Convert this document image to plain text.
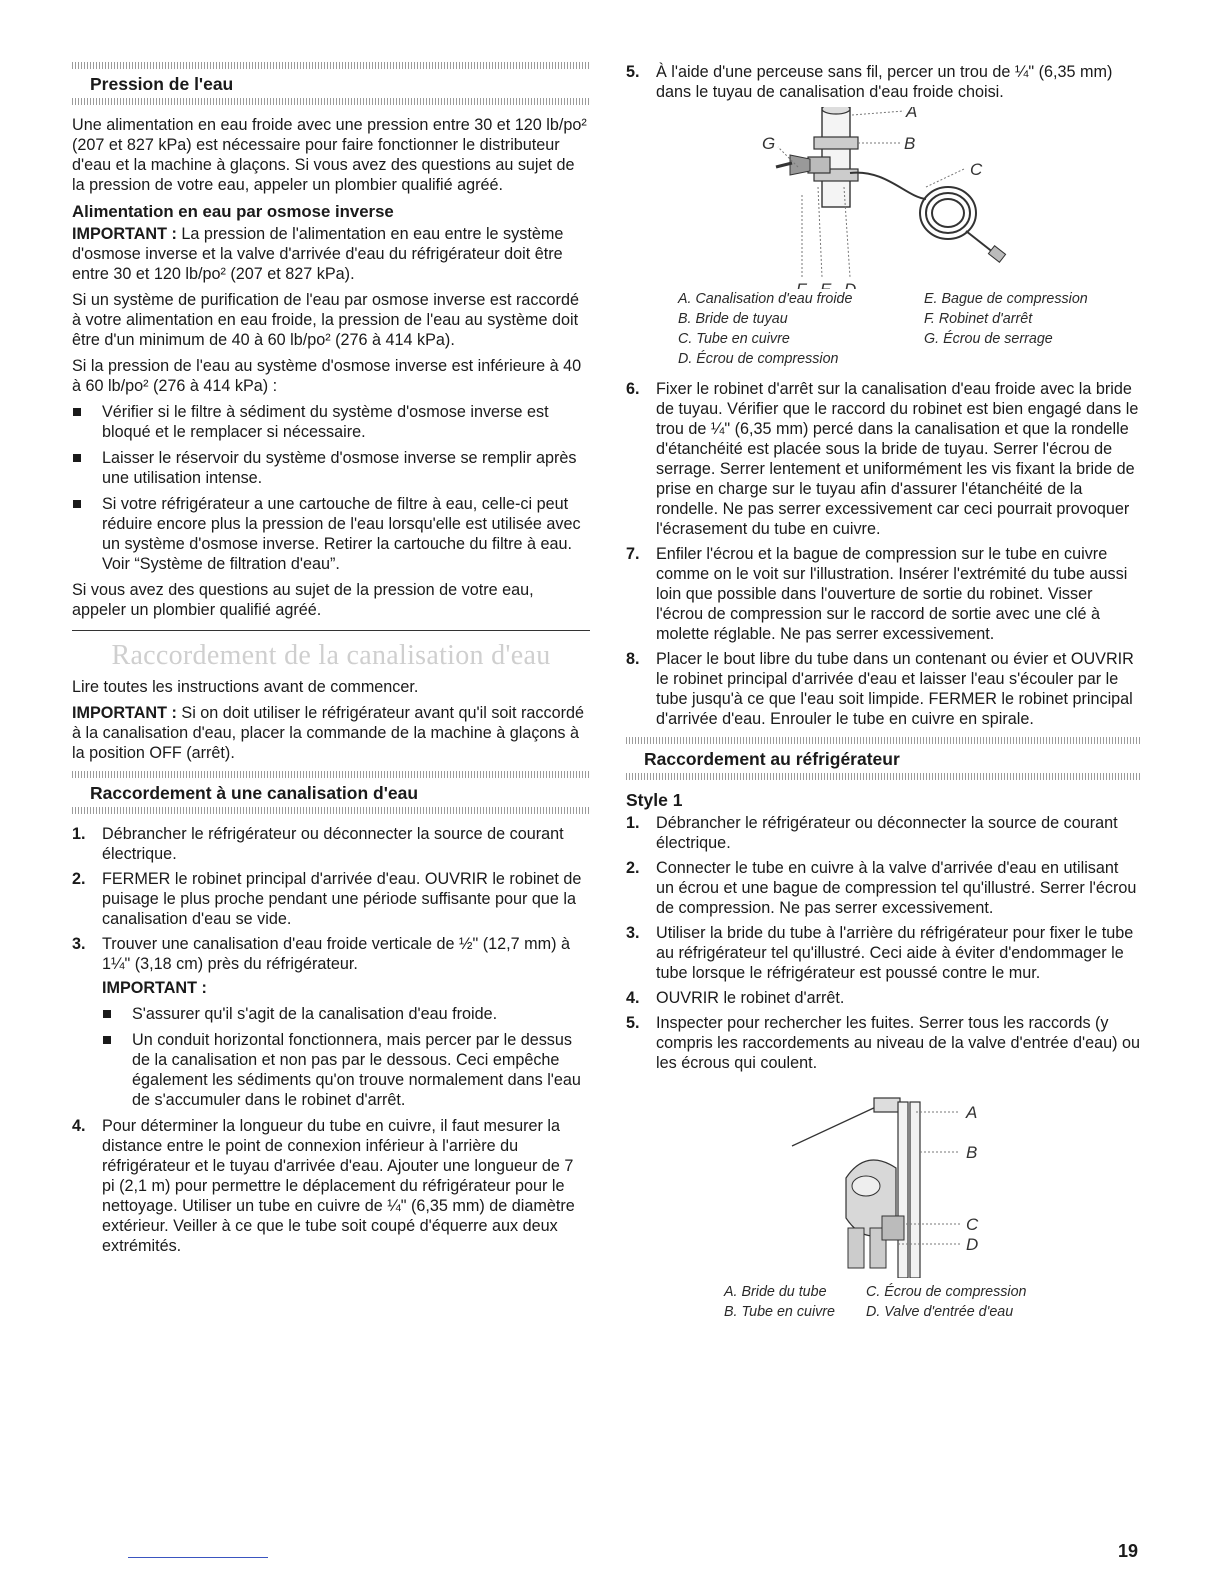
Pression de l'eau

Une alimentation en eau froide avec une pression entre 30 et 120 lb/po² (207 et 827 kPa) est nécessaire pour faire fonctionner le distributeur d'eau et la machine à glaçons. Si vous avez des questions au sujet de la pression de votre eau, appeler un plombier qualifié agréé.

Alimentation en eau par osmose inverse

IMPORTANT : La pression de l'alimentation en eau entre le système d'osmose inverse et la valve d'arrivée d'eau du réfrigérateur doit être entre 30 et 120 lb/po² (207 et 827 kPa).

Si un système de purification de l'eau par osmose inverse est raccordé à votre alimentation en eau froide, la pression de l'eau au système doit être d'un minimum de 40 à 60 lb/po² (276 à 414 kPa).

Si la pression de l'eau au système d'osmose inverse est inférieure à 40 à 60 lb/po² (276 à 414 kPa) :

Vérifier si le filtre à sédiment du système d'osmose inverse est bloqué et le remplacer si nécessaire.
Laisser le réservoir du système d'osmose inverse se remplir après une utilisation intense.
Si votre réfrigérateur a une cartouche de filtre à eau, celle-ci peut réduire encore plus la pression de l'eau lorsqu'elle est utilisée avec un système d'osmose inverse. Retirer la cartouche du filtre à eau. Voir “Système de filtration d'eau”.

Si vous avez des questions au sujet de la pression de votre eau, appeler un plombier qualifié agréé.

Raccordement de la canalisation d'eau

Lire toutes les instructions avant de commencer.

IMPORTANT : Si on doit utiliser le réfrigérateur avant qu'il soit raccordé à la canalisation d'eau, placer la commande de la machine à glaçons à la position OFF (arrêt).

Raccordement à une canalisation d'eau
1. Débrancher le réfrigérateur ou déconnecter la source de courant électrique.
2. FERMER le robinet principal d'arrivée d'eau. OUVRIR le robinet de puisage le plus proche pendant une période suffisante pour que la canalisation d'eau se vide.
3. Trouver une canalisation d'eau froide verticale de ½" (12,7 mm) à 1¼" (3,18 cm) près du réfrigérateur.
IMPORTANT :
S'assurer qu'il s'agit de la canalisation d'eau froide.
Un conduit horizontal fonctionnera, mais percer par le dessus de la canalisation et non pas par le dessous. Ceci empêche également les sédiments qu'on trouve normalement dans l'eau de s'accumuler dans le robinet d'arrêt.
4. Pour déterminer la longueur du tube en cuivre, il faut mesurer la distance entre le point de connexion inférieur à l'arrière du réfrigérateur et le tuyau d'arrivée d'eau. Ajouter une longueur de 7 pi (2,1 m) pour permettre le déplacement du réfrigérateur pour le nettoyage. Utiliser un tube en cuivre de ¼" (6,35 mm) de diamètre extérieur. Veiller à ce que le tube soit coupé d'équerre aux deux extrémités.
5. À l'aide d'une perceuse sans fil, percer un trou de ¼" (6,35 mm) dans le tuyau de canalisation d'eau froide choisi.
A
B
C
G
A. Canalisation d'eau froide
B. Bride de tuyau
C. Tube en cuivre
D. Écrou de compression
E. Bague de compression
F. Robinet d'arrêt
G. Écrou de serrage
6. Fixer le robinet d'arrêt sur la canalisation d'eau froide avec la bride de tuyau. Vérifier que le raccord du robinet est bien engagé dans le trou de ¼" (6,35 mm) percé dans la canalisation et que la rondelle d'étanchéité est placée sous la bride de tuyau. Serrer l'écrou de serrage. Serrer lentement et uniformément les vis fixant la bride de prise en charge sur le tuyau afin d'assurer l'étanchéité de la rondelle. Ne pas serrer excessivement car ceci pourrait provoquer l'écrasement du tube en cuivre.
7. Enfiler l'écrou et la bague de compression sur le tube en cuivre comme on le voit sur l'illustration. Insérer l'extrémité du tube aussi loin que possible dans l'ouverture de sortie du robinet. Visser l'écrou de compression sur le raccord de sortie avec une clé à molette réglable. Ne pas serrer excessivement.
8. Placer le bout libre du tube dans un contenant ou évier et OUVRIR le robinet principal d'arrivée d'eau et laisser l'eau s'écouler par le tube jusqu'à ce que l'eau soit limpide. FERMER le robinet principal d'arrivée d'eau. Enrouler le tube en cuivre en spirale.
Raccordement au réfrigérateur
Style 1
1. Débrancher le réfrigérateur ou déconnecter la source de courant électrique.
2. Connecter le tube en cuivre à la valve d'arrivée d'eau en utilisant un écrou et une bague de compression tel qu'illustré. Serrer l'écrou de compression. Ne pas serrer excessivement.
3. Utiliser la bride du tube à l'arrière du réfrigérateur pour fixer le tube au réfrigérateur tel qu'illustré. Ceci aide à éviter d'endommager le tube lorsque le réfrigérateur est poussé contre le mur.
4. OUVRIR le robinet d'arrêt.
5. Inspecter pour rechercher les fuites. Serrer tous les raccords (y compris les raccordements au niveau de la valve d'entrée d'eau) ou les écrous qui coulent.
A
B
C
D
A. Bride du tube
B. Tube en cuivre
C. Écrou de compression
D. Valve d'entrée d'eau
19
